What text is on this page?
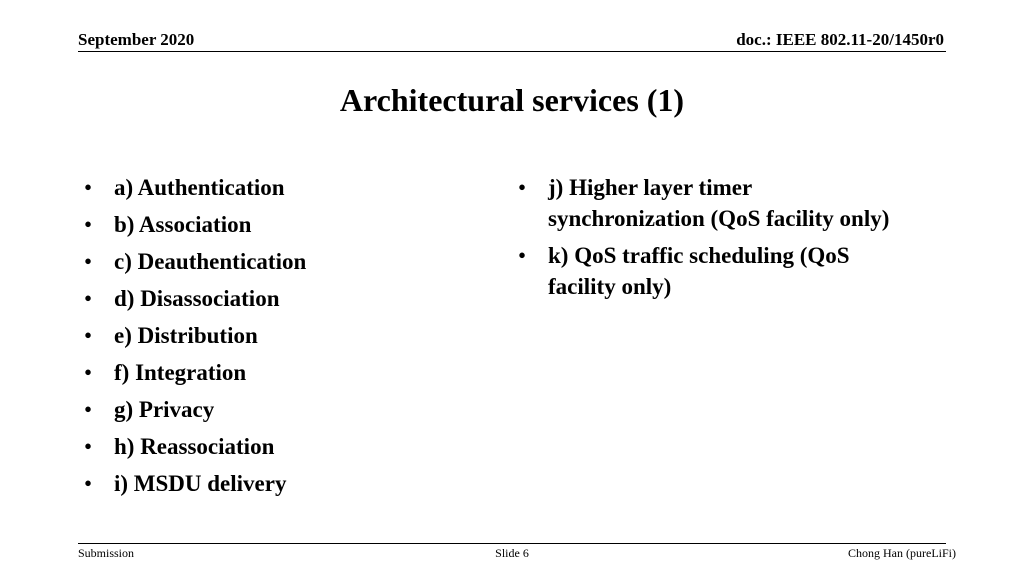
September 2020	doc.: IEEE 802.11-20/1450r0
Architectural services (1)
• a) Authentication
• b) Association
• c) Deauthentication
• d) Disassociation
• e) Distribution
• f) Integration
• g) Privacy
• h) Reassociation
• i) MSDU delivery
• j) Higher layer timer synchronization (QoS facility only)
• k) QoS traffic scheduling (QoS facility only)
Submission	Slide 6	Chong Han (pureLiFi)
